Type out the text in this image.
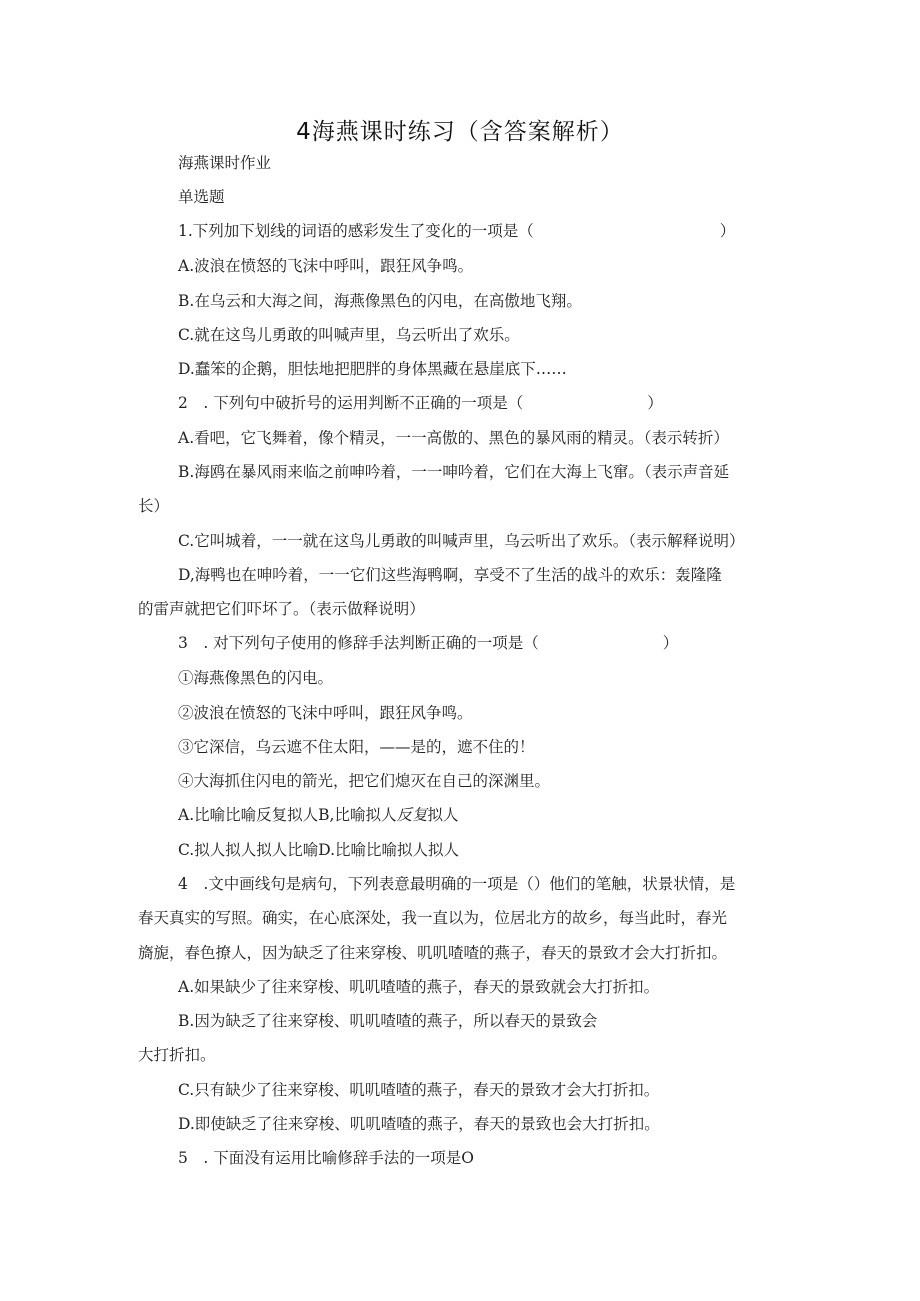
4海燕课时练习（含答案解析）
海燕课时作业
单选题
1.下列加下划线的词语的感彩发生了变化的一项是（　　　　　　　　　　　　）
A.波浪在愤怒的飞沫中呼叫，跟狂风争鸣。
B.在乌云和大海之间，海燕像黑色的闪电，在高傲地飞翔。
C.就在这鸟儿勇敢的叫喊声里，乌云听出了欢乐。
D.蠢笨的企鹅，胆怯地把肥胖的身体黑藏在悬崖底下……
2　. 下列句中破折号的运用判断不正确的一项是（　　　　　　　　）
A.看吧，它飞舞着，像个精灵，一一高傲的、黑色的暴风雨的精灵。（表示转折）
B.海鸥在暴风雨来临之前呻吟着，一一呻吟着，它们在大海上飞窜。（表示声音延
长）
C.它叫城着，一一就在这鸟儿勇敢的叫喊声里，乌云听出了欢乐。（表示解释说明）
D,海鸭也在呻吟着，一一它们这些海鸭啊，享受不了生活的战斗的欢乐：轰隆隆
的雷声就把它们吓坏了。（表示做释说明）
3　. 对下列句子使用的修辞手法判断正确的一项是（　　　　　　　　）
①海燕像黑色的闪电。
②波浪在愤怒的飞沫中呼叫，跟狂风争鸣。
③它深信，乌云遮不住太阳，——是的，遮不住的！
④大海抓住闪电的箭光，把它们熄灭在自己的深渊里。
A.比喻比喻反复拟人B,比喻拟人反复拟人
C.拟人拟人拟人比喻D.比喻比喻拟人拟人
4　.文中画线句是病句，下列表意最明确的一项是（）他们的笔触，状景状情，是
春天真实的写照。确实，在心底深处，我一直以为，位居北方的故乡，每当此时，春光
旖旎，春色撩人，因为缺乏了往来穿梭、叽叽喳喳的燕子，春天的景致才会大打折扣。
A.如果缺少了往来穿梭、叽叽喳喳的燕子，春天的景致就会大打折扣。
B.因为缺乏了往来穿梭、叽叽喳喳的燕子，所以春天的景致会
大打折扣。
C.只有缺少了往来穿梭、叽叽喳喳的燕子，春天的景致才会大打折扣。
D.即使缺乏了往来穿梭、叽叽喳喳的燕子，春天的景致也会大打折扣。
5　. 下面没有运用比喻修辞手法的一项是O
